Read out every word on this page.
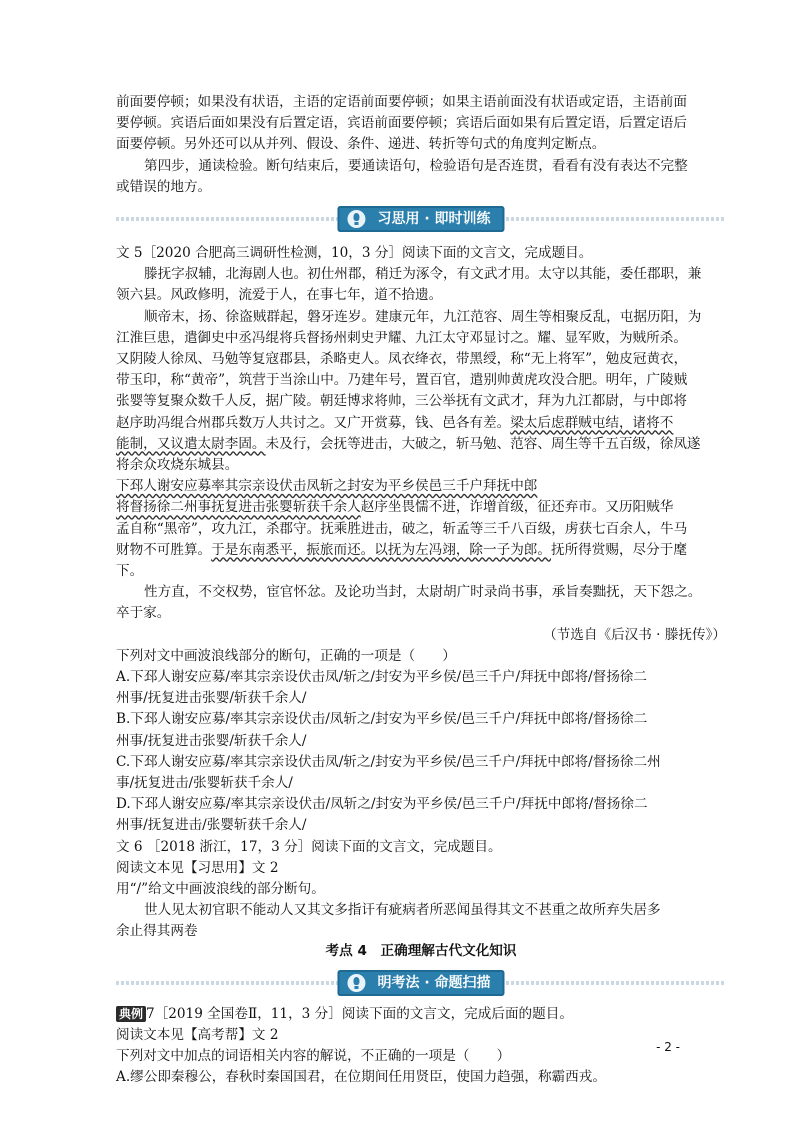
前面要停顿；如果没有状语，主语的定语前面要停顿；如果主语前面没有状语或定语，主语前面

要停顿。宾语后面如果没有后置定语，宾语前面要停顿；宾语后面如果有后置定语，后置定语后

面要停顿。另外还可以从并列、假设、条件、递进、转折等句式的角度判定断点。

第四步，通读检验。断句结束后，要通读语句，检验语句是否连贯，看看有没有表达不完整

或错误的地方。

习思用 · 即时训练

文 5［2020 合肥高三调研性检测，10，3 分］阅读下面的文言文，完成题目。

滕抚字叔辅，北海剧人也。初仕州郡，稍迁为涿令，有文武才用。太守以其能，委任郡职，兼

领六县。风政修明，流爱于人，在事七年，道不拾遗。

顺帝末，扬、徐盗贼群起，磐牙连岁。建康元年，九江范容、周生等相聚反乱，屯据历阳，为

江淮巨患，遣御史中丞冯绲将兵督扬州刺史尹耀、九江太守邓显讨之。耀、显军败，为贼所杀。

又阴陵人徐凤、马勉等复寇郡县，杀略吏人。凤衣绛衣，带黑绶，称“无上将军”，勉皮冠黄衣，

带玉印，称“黄帝”，筑营于当涂山中。乃建年号，置百官，遣别帅黄虎攻没合肥。明年，广陵贼

张婴等复聚众数千人反，据广陵。朝廷博求将帅，三公举抚有文武才，拜为九江都尉，与中郎将

赵序助冯绲合州郡兵数万人共讨之。又广开赏募，钱、邑各有差。梁太后虑群贼屯结，诸将不

能制，又议遣太尉李固。未及行，会抚等进击，大破之，斩马勉、范容、周生等千五百级，徐凤遂

将余众攻烧东城县。

下邳人谢安应募率其宗亲设伏击凤斩之封安为平乡侯邑三千户拜抚中郎

将督扬徐二州事抚复进击张婴斩获千余人赵序坐畏懦不进，诈增首级，征还弃市。又历阳贼华

孟自称“黑帝”，攻九江，杀郡守。抚乘胜进击，破之，斩孟等三千八百级，虏获七百余人，牛马

财物不可胜算。于是东南悉平，振旅而还。以抚为左冯翊，除一子为郎。抚所得赏赐，尽分于麾

下。

性方直，不交权势，宦官怀忿。及论功当封，太尉胡广时录尚书事，承旨奏黜抚，天下怨之。

卒于家。

（节选自《后汉书 · 滕抚传》）

下列对文中画波浪线部分的断句，正确的一项是（　　）

A.下邳人谢安应募/率其宗亲设伏击凤/斩之/封安为平乡侯/邑三千户/拜抚中郎将/督扬徐二

州事/抚复进击张婴/斩获千余人/

B.下邳人谢安应募/率其宗亲设伏击/凤斩之/封安为平乡侯/邑三千户/拜抚中郎将/督扬徐二

州事/抚复进击张婴/斩获千余人/

C.下邳人谢安应募/率其宗亲设伏击凤/斩之/封安为平乡侯/邑三千户/拜抚中郎将/督扬徐二州

事/抚复进击/张婴斩获千余人/

D.下邳人谢安应募/率其宗亲设伏击/凤斩之/封安为平乡侯/邑三千户/拜抚中郎将/督扬徐二

州事/抚复进击/张婴斩获千余人/

文 6 ［2018 浙江，17，3 分］阅读下面的文言文，完成题目。

阅读文本见【习思用】文 2

用“/”给文中画波浪线的部分断句。

世人见太初官职不能动人又其文多指讦有疵病者所恶闻虽得其文不甚重之故所弃失居多

余止得其两卷

考点 4　正确理解古代文化知识

明考法 · 命题扫描

典例 7［2019 全国卷Ⅱ，11，3 分］阅读下面的文言文，完成后面的题目。

阅读文本见【高考帮】文 2

下列对文中加点的词语相关内容的解说，不正确的一项是（　　）

A.缪公即秦穆公，春秋时秦国国君，在位期间任用贤臣，使国力趋强，称霸西戎。

- 2 -
